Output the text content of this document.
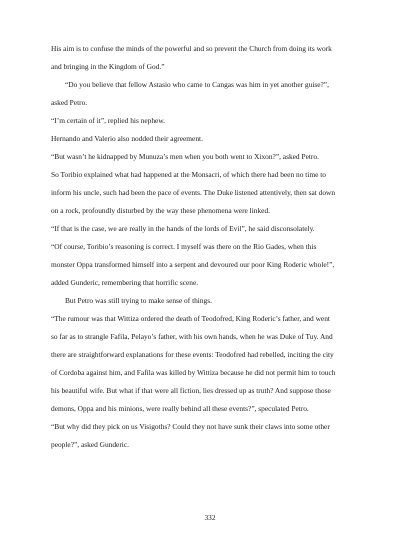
His aim is to confuse the minds of the powerful and so prevent the Church from doing its work

and bringing in the Kingdom of God.”

“Do you believe that fellow Astasio who came to Cangas was him in yet another guise?”,

asked Petro.

“I’m certain of it”, replied his nephew.

Hernando and Valerio also nodded their agreement.

“But wasn’t he kidnapped by Munuza’s men when you both went to Xixon?”, asked Petro.

So Toribio explained what had happened at the Monsacri, of which there had been no time to

inform his uncle, such had been the pace of events. The Duke listened attentively, then sat down

on a rock, profoundly disturbed by the way these phenomena were linked.

“If that is the case, we are really in the hands of the lords of Evil”, he said disconsolately.

“Of course, Toribio’s reasoning is correct. I myself was there on the Rio Gades, when this

monster Oppa transformed himself into a serpent and devoured our poor King Roderic whole!”,

added Gunderic, remembering that horrific scene.

But Petro was still trying to make sense of things.

“The rumour was that Wittiza ordered the death of Teodofred, King Roderic’s father, and went

so far as to strangle Fafila, Pelayo’s father, with his own hands, when he was Duke of Tuy. And

there are straightforward explanations for these events: Teodofred had rebelled, inciting the city

of Cordoba against him, and Fafila was killed by Wittiza because he did not permit him to touch

his beautiful wife. But what if that were all fiction, lies dressed up as truth? And suppose those

demons, Oppa and his minions, were really behind all these events?”, speculated Petro.

“But why did they pick on us Visigoths? Could they not have sunk their claws into some other

people?”, asked Gunderic.

332
